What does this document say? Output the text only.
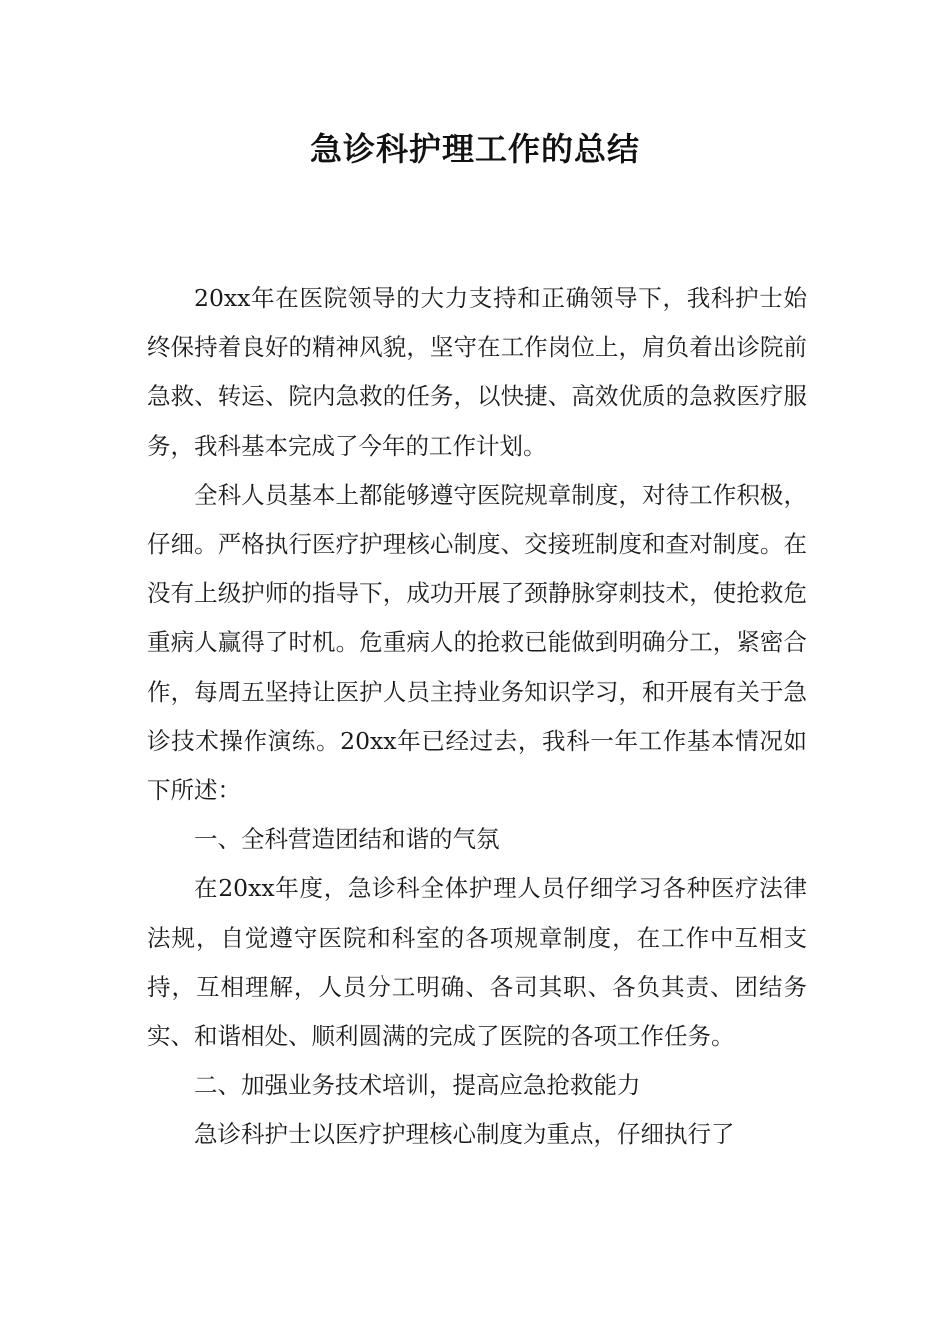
急诊科护理工作的总结

20xx年在医院领导的大力支持和正确领导下，我科护士始终保持着良好的精神风貌，坚守在工作岗位上，肩负着出诊院前急救、转运、院内急救的任务，以快捷、高效优质的急救医疗服务，我科基本完成了今年的工作计划。

全科人员基本上都能够遵守医院规章制度，对待工作积极，仔细。严格执行医疗护理核心制度、交接班制度和查对制度。在没有上级护师的指导下，成功开展了颈静脉穿刺技术，使抢救危重病人赢得了时机。危重病人的抢救已能做到明确分工，紧密合作，每周五坚持让医护人员主持业务知识学习，和开展有关于急诊技术操作演练。20xx年已经过去，我科一年工作基本情况如下所述：

一、全科营造团结和谐的气氛

在20xx年度，急诊科全体护理人员仔细学习各种医疗法律法规，自觉遵守医院和科室的各项规章制度，在工作中互相支持，互相理解，人员分工明确、各司其职、各负其责、团结务实、和谐相处、顺利圆满的完成了医院的各项工作任务。

二、加强业务技术培训，提高应急抢救能力

急诊科护士以医疗护理核心制度为重点，仔细执行了
